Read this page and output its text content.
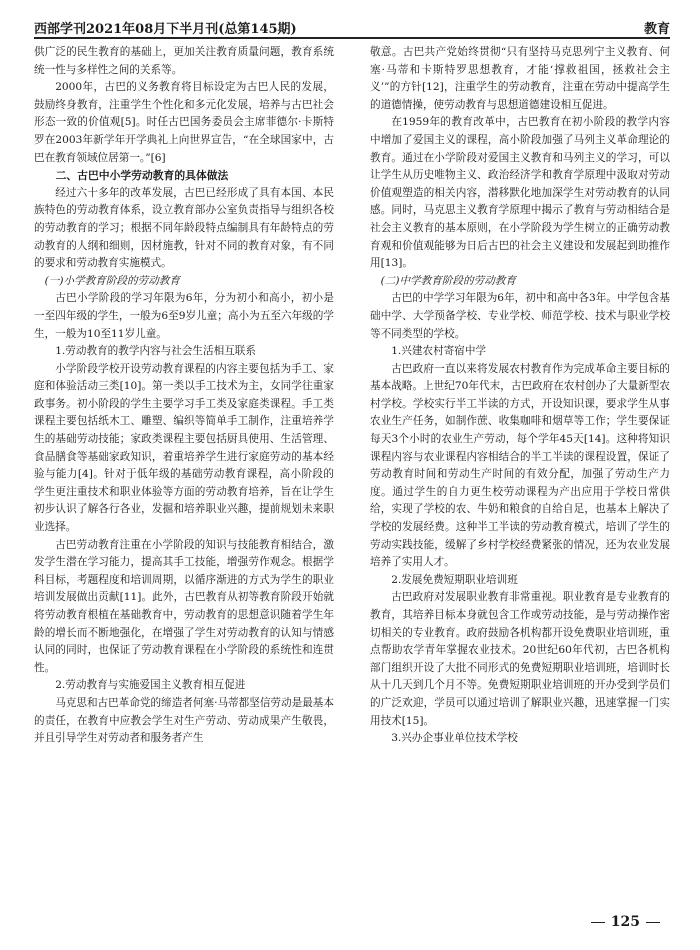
西部学刊2021年08月下半月刊(总第145期)	教育

供广泛的民生教育的基础上，更加关注教育质量问题，教育系统统一性与多样性之间的关系等。

2000年，古巴的义务教育将目标设定为古巴人民的发展，鼓励终身教育，注重学生个性化和多元化发展，培养与古巴社会形态一致的价值观[5]。时任古巴国务委员会主席菲德尔·卡斯特罗在2003年新学年开学典礼上向世界宣告，“在全球国家中，古巴在教育领域位居第一。”[6]

二、古巴中小学劳动教育的具体做法

经过六十多年的改革发展，古巴已经形成了具有本国、本民族特色的劳动教育体系，设立教育部办公室负责指导与组织各校的劳动教育的学习；根据不同年龄段特点编制具有年龄特点的劳动教育的人纲和细则，因材施教，针对不同的教育对象，有不同的要求和劳动教育实施模式。

(一)小学教育阶段的劳动教育

古巴小学阶段的学习年限为6年，分为初小和高小，初小是一至四年级的学生，一般为6至9岁儿童；高小为五至六年级的学生，一般为10至11岁儿童。

1.劳动教育的教学内容与社会生活相互联系

小学阶段学校开设劳动教育课程的内容主要包括为手工、家庭和体验活动三类[10]。第一类以手工技术为主，女同学往重家政事务。初小阶段的学生主要学习手工类及家庭类课程。手工类课程主要包括纸木工、雕塑、编织等简单手工制作，注重培养学生的基础劳动技能；家政类课程主要包括厨具使用、生活管理、食品膳食等基础家政知识，着重培养学生进行家庭劳动的基本经验与能力[4]。针对于低年级的基础劳动教育课程，高小阶段的学生更注重技术和职业体验等方面的劳动教育培养，旨在让学生初步认识了解各行各业，发掘和培养职业兴趣，提前规划未来职业选择。

古巴劳动教育注重在小学阶段的知识与技能教育相结合，激发学生潜在学习能力，提高其手工技能，增强劳作观念。根据学科目标，考题程度和培训周期，以循序渐进的方式为学生的职业培训发展做出贡献[11]。此外，古巴教育从初等教育阶段开始就将劳动教育根植在基础教育中，劳动教育的思想意识随着学生年龄的增长而不断地强化，在增强了学生对劳动教育的认知与情感认同的同时，也保证了劳动教育课程在小学阶段的系统性和连贯性。

2.劳动教育与实施爱国主义教育相互促进

马克思和古巴革命党的缔造者何塞·马蒂都坚信劳动是最基本的责任，在教育中应教会学生对生产劳动、劳动成果产生敬畏，并且引导学生对劳动者和服务者产生

敬意。古巴共产党始终贯彻“只有坚持马克思列宁主义教育、何塞·马蒂和卡斯特罗思想教育，才能‘撑救祖国，拯救社会主义’”的方针[12]，注重学生的劳动教育，注重在劳动中提高学生的道德情操，使劳动教育与思想道德建设相互促进。

在1959年的教育改革中，古巴教育在初小阶段的教学内容中增加了爱国主义的课程，高小阶段加强了马列主义革命理论的教育。通过在小学阶段对爱国主义教育和马列主义的学习，可以让学生从历史唯物主义、政治经济学和教育学原理中汲取对劳动价值观塑造的相关内容，潜移默化地加深学生对劳动教育的认同感。同时，马克思主义教育学原理中揭示了教育与劳动相结合是社会主义教育的基本原则，在小学阶段为学生树立的正确劳动教育观和价值观能够为日后古巴的社会主义建设和发展起到助推作用[13]。

(二)中学教育阶段的劳动教育

古巴的中学学习年限为6年，初中和高中各3年。中学包含基础中学、大学预备学校、专业学校、师范学校、技术与职业学校等不同类型的学校。

1.兴建农村寄宿中学

古巴政府一直以来将发展农村教育作为完成革命主要目标的基本战略。上世纪70年代末，古巴政府在农村创办了大量新型农村学校。学校实行半工半读的方式，开设知识课，要求学生从事农业生产任务，如制作蔗、收集咖啡和烟草等工作；学生要保证每天3个小时的农业生产劳动，每个学年45天[14]。这种将知识课程内容与农业课程内容相结合的半工半读的课程设置，保证了劳动教育时间和劳动生产时间的有效分配，加强了劳动生产力度。通过学生的自力更生校劳动课程为产出应用于学校日常供给，实现了学校的农、牛奶和粮食的自给自足，也基本上解决了学校的发展经费。这种半工半读的劳动教育模式，培训了学生的劳动实践技能，缓解了乡村学校经费紧张的情况，还为农业发展培养了实用人才。

2.发展免费短期职业培训班

古巴政府对发展职业教育非常重视。职业教育是专业教育的教育，其培养目标本身就包含工作或劳动技能，是与劳动操作密切相关的专业教育。政府鼓励各机构都开设免费职业培训班，重点帮助农学青年掌握农业技术。20世纪60年代初，古巴各机构部门组织开设了大批不同形式的免费短期职业培训班，培训时长从十几天到几个月不等。免费短期职业培训班的开办受到学员们的广泛欢迎，学员可以通过培训了解职业兴趣，迅速掌握一门实用技术[15]。

3.兴办企事业单位技术学校

125
